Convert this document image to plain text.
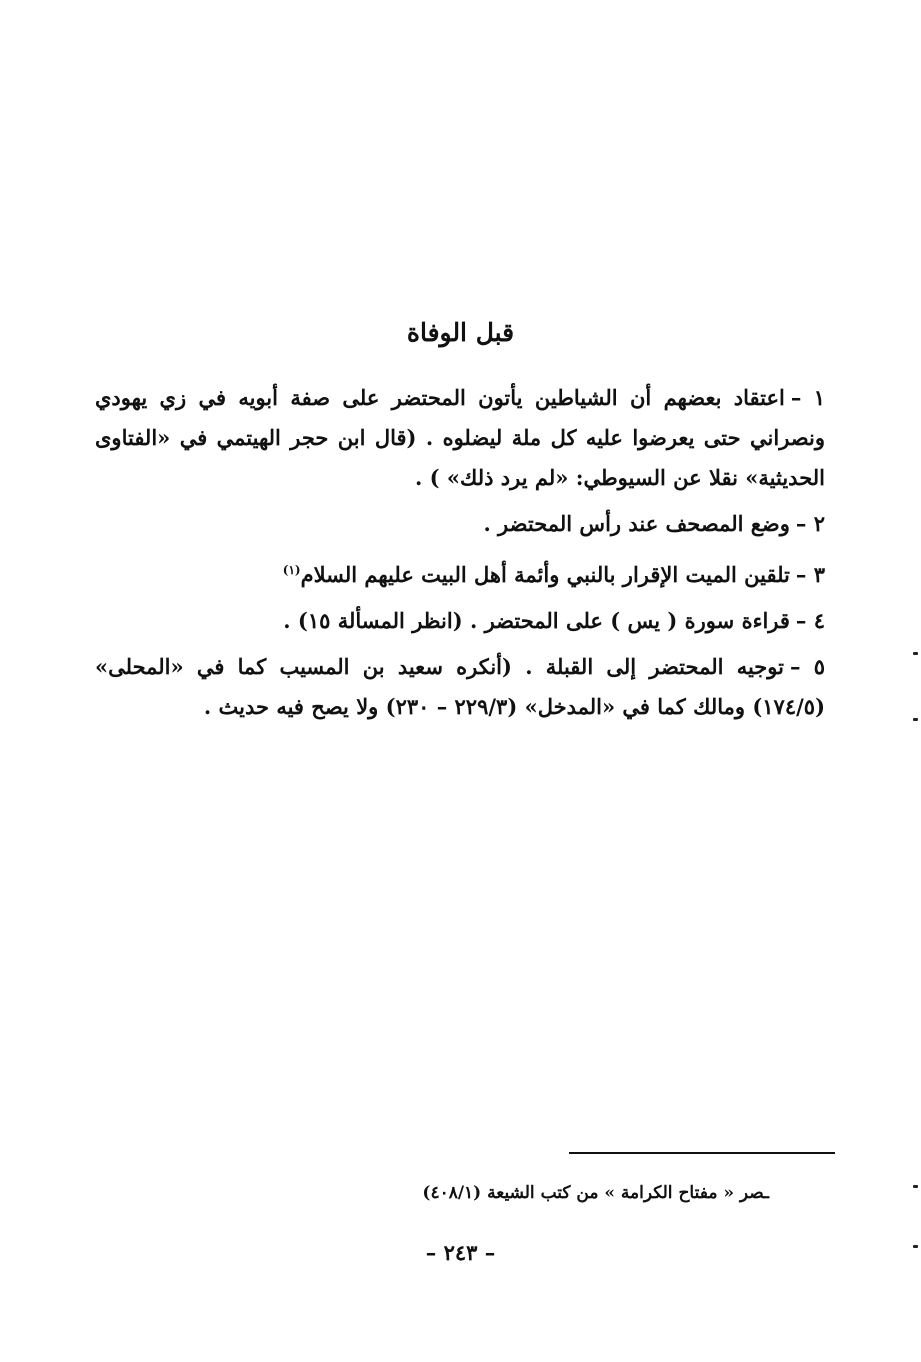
قبل الوفاة

١ –اعتقاد بعضهم أن الشياطين يأتون المحتضر على صفة أبويه في زي يهودي ونصراني حتى يعرضوا عليه كل ملة ليضلوه . (قال ابن حجر الهيتمي في «الفتاوى الحديثية» نقلا عن السيوطي: «لم يرد ذلك» ) .

٢ –وضع المصحف عند رأس المحتضر .

٣ –تلقين الميت الإقرار بالنبي وأئمة أهل البيت عليهم السلام$^{(١)}$

٤ –قراءة سورة ( يس ) على المحتضر . (انظر المسألة ١٥) .

٥ –توجيه المحتضر إلى القبلة . (أنكره سعيد بن المسيب كما في «المحلى» (١٧٤/٥) ومالك كما في «المدخل» (٢٢٩/٣ – ٢٣٠) ولا يصح فيه حديث .

ـصر « مفتاح الكرامة » من كتب الشيعة (٤٠٨/١)
– ٢٤٣ –
